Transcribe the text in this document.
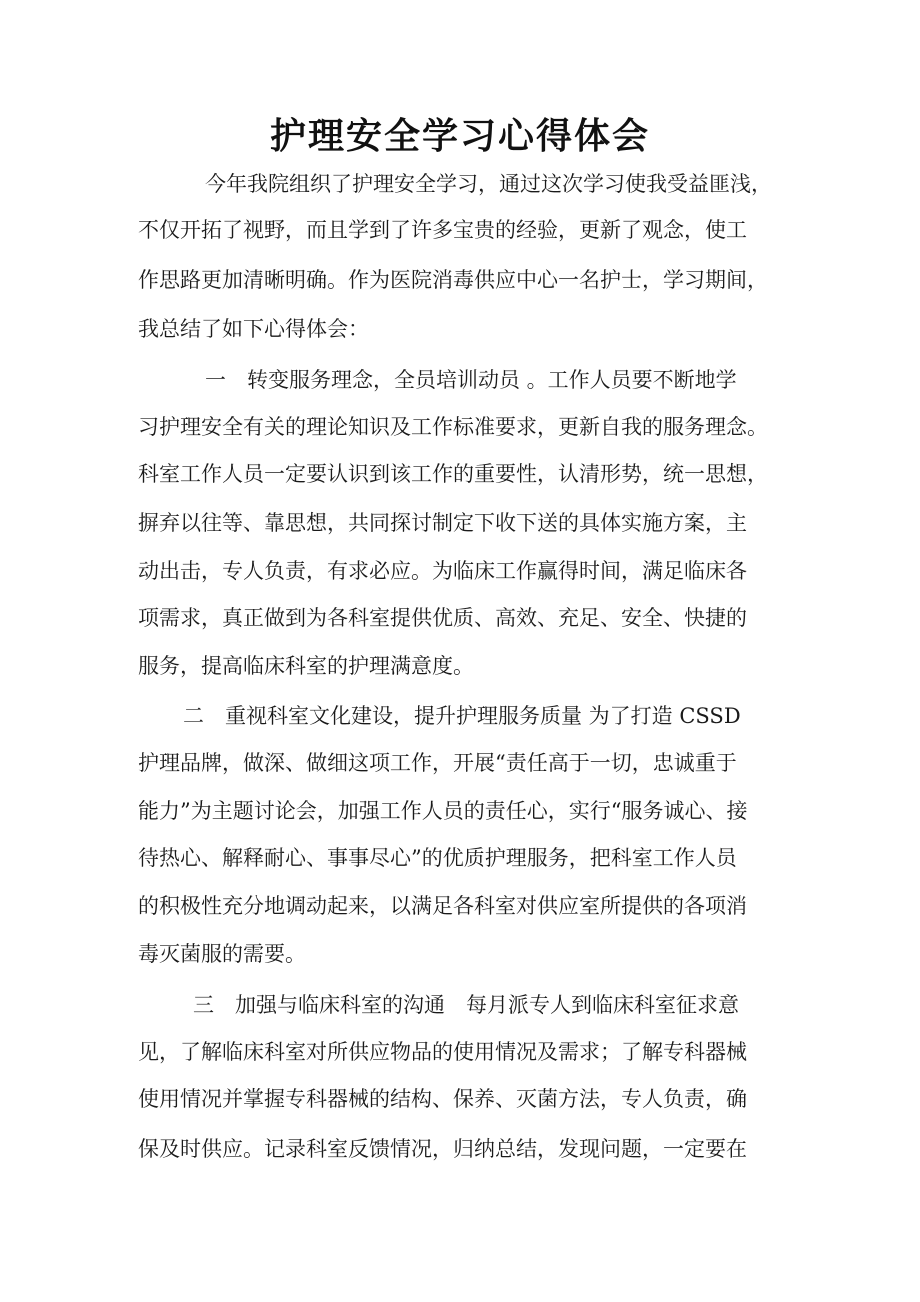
护理安全学习心得体会
今年我院组织了护理安全学习，通过这次学习使我受益匪浅，
不仅开拓了视野，而且学到了许多宝贵的经验，更新了观念，使工
作思路更加清晰明确。作为医院消毒供应中心一名护士，学习期间，
我总结了如下心得体会：
一　转变服务理念，全员培训动员 。工作人员要不断地学
习护理安全有关的理论知识及工作标准要求，更新自我的服务理念。
科室工作人员一定要认识到该工作的重要性，认清形势，统一思想，
摒弃以往等、靠思想，共同探讨制定下收下送的具体实施方案，主
动出击，专人负责，有求必应。为临床工作赢得时间，满足临床各
项需求，真正做到为各科室提供优质、高效、充足、安全、快捷的
服务，提高临床科室的护理满意度。
二　重视科室文化建设，提升护理服务质量 为了打造 CSSD
护理品牌，做深、做细这项工作，开展“责任高于一切，忠诚重于
能力”为主题讨论会，加强工作人员的责任心，实行“服务诚心、接
待热心、解释耐心、事事尽心”的优质护理服务，把科室工作人员
的积极性充分地调动起来，以满足各科室对供应室所提供的各项消
毒灭菌服的需要。
三　加强与临床科室的沟通　每月派专人到临床科室征求意
见，了解临床科室对所供应物品的使用情况及需求；了解专科器械
使用情况并掌握专科器械的结构、保养、灭菌方法，专人负责，确
保及时供应。记录科室反馈情况，归纳总结，发现问题，一定要在
